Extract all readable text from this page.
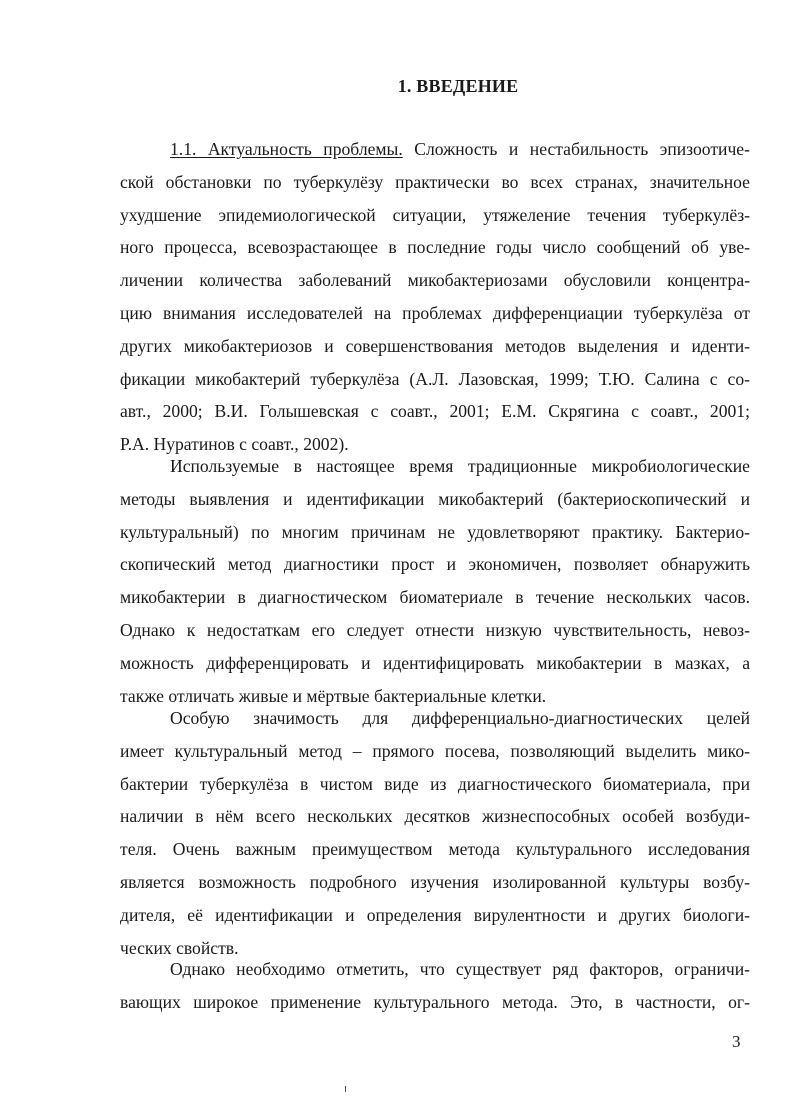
1. ВВЕДЕНИЕ
1.1. Актуальность проблемы. Сложность и нестабильность эпизоотиче-
ской обстановки по туберкулёзу практически во всех странах, значительное
ухудшение эпидемиологической ситуации, утяжеление течения туберкулёз-
ного процесса, всевозрастающее в последние годы число сообщений об уве-
личении количества заболеваний микобактериозами обусловили концентра-
цию внимания исследователей на проблемах дифференциации туберкулёза от
других микобактериозов и совершенствования методов выделения и иденти-
фикации микобактерий туберкулёза (А.Л. Лазовская, 1999; Т.Ю. Салина с со-
авт., 2000; В.И. Голышевская с соавт., 2001; Е.М. Скрягина с соавт., 2001;
Р.А. Нуратинов с соавт., 2002).
Используемые в настоящее время традиционные микробиологические
методы выявления и идентификации микобактерий (бактериоскопический и
культуральный) по многим причинам не удовлетворяют практику. Бактерио-
скопический метод диагностики прост и экономичен, позволяет обнаружить
микобактерии в диагностическом биоматериале в течение нескольких часов.
Однако к недостаткам его следует отнести низкую чувствительность, невоз-
можность дифференцировать и идентифицировать микобактерии в мазках, а
также отличать живые и мёртвые бактериальные клетки.
Особую значимость для дифференциально-диагностических целей
имеет культуральный метод – прямого посева, позволяющий выделить мико-
бактерии туберкулёза в чистом виде из диагностического биоматериала, при
наличии в нём всего нескольких десятков жизнеспособных особей возбуди-
теля. Очень важным преимуществом метода культурального исследования
является возможность подробного изучения изолированной культуры возбу-
дителя, её идентификации и определения вирулентности и других биологи-
ческих свойств.
Однако необходимо отметить, что существует ряд факторов, ограничи-
вающих широкое применение культурального метода. Это, в частности, ог-
3
